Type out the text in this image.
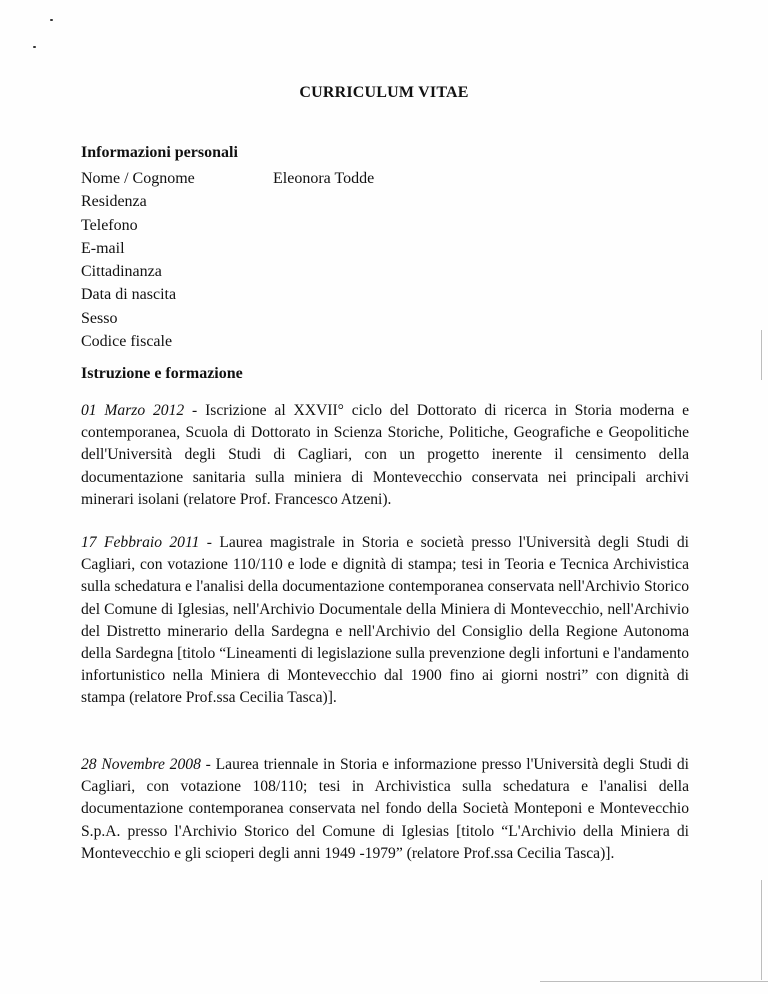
CURRICULUM VITAE
Informazioni personali
Nome / Cognome	Eleonora Todde
Residenza
Telefono
E-mail
Cittadinanza
Data di nascita
Sesso
Codice fiscale
Istruzione e formazione
01 Marzo 2012 - Iscrizione al XXVII° ciclo del Dottorato di ricerca in Storia moderna e contemporanea, Scuola di Dottorato in Scienza Storiche, Politiche, Geografiche e Geopolitiche dell'Università degli Studi di Cagliari, con un progetto inerente il censimento della documentazione sanitaria sulla miniera di Montevecchio conservata nei principali archivi minerari isolani (relatore Prof. Francesco Atzeni).
17 Febbraio 2011 - Laurea magistrale in Storia e società presso l'Università degli Studi di Cagliari, con votazione 110/110 e lode e dignità di stampa; tesi in Teoria e Tecnica Archivistica sulla schedatura e l'analisi della documentazione contemporanea conservata nell'Archivio Storico del Comune di Iglesias, nell'Archivio Documentale della Miniera di Montevecchio, nell'Archivio del Distretto minerario della Sardegna e nell'Archivio del Consiglio della Regione Autonoma della Sardegna [titolo “Lineamenti di legislazione sulla prevenzione degli infortuni e l'andamento infortunistico nella Miniera di Montevecchio dal 1900 fino ai giorni nostri” con dignità di stampa (relatore Prof.ssa Cecilia Tasca)].
28 Novembre 2008 - Laurea triennale in Storia e informazione presso l'Università degli Studi di Cagliari, con votazione 108/110; tesi in Archivistica sulla schedatura e l'analisi della documentazione contemporanea conservata nel fondo della Società Monteponi e Montevecchio S.p.A. presso l'Archivio Storico del Comune di Iglesias [titolo “L'Archivio della Miniera di Montevecchio e gli scioperi degli anni 1949 -1979” (relatore Prof.ssa Cecilia Tasca)].
